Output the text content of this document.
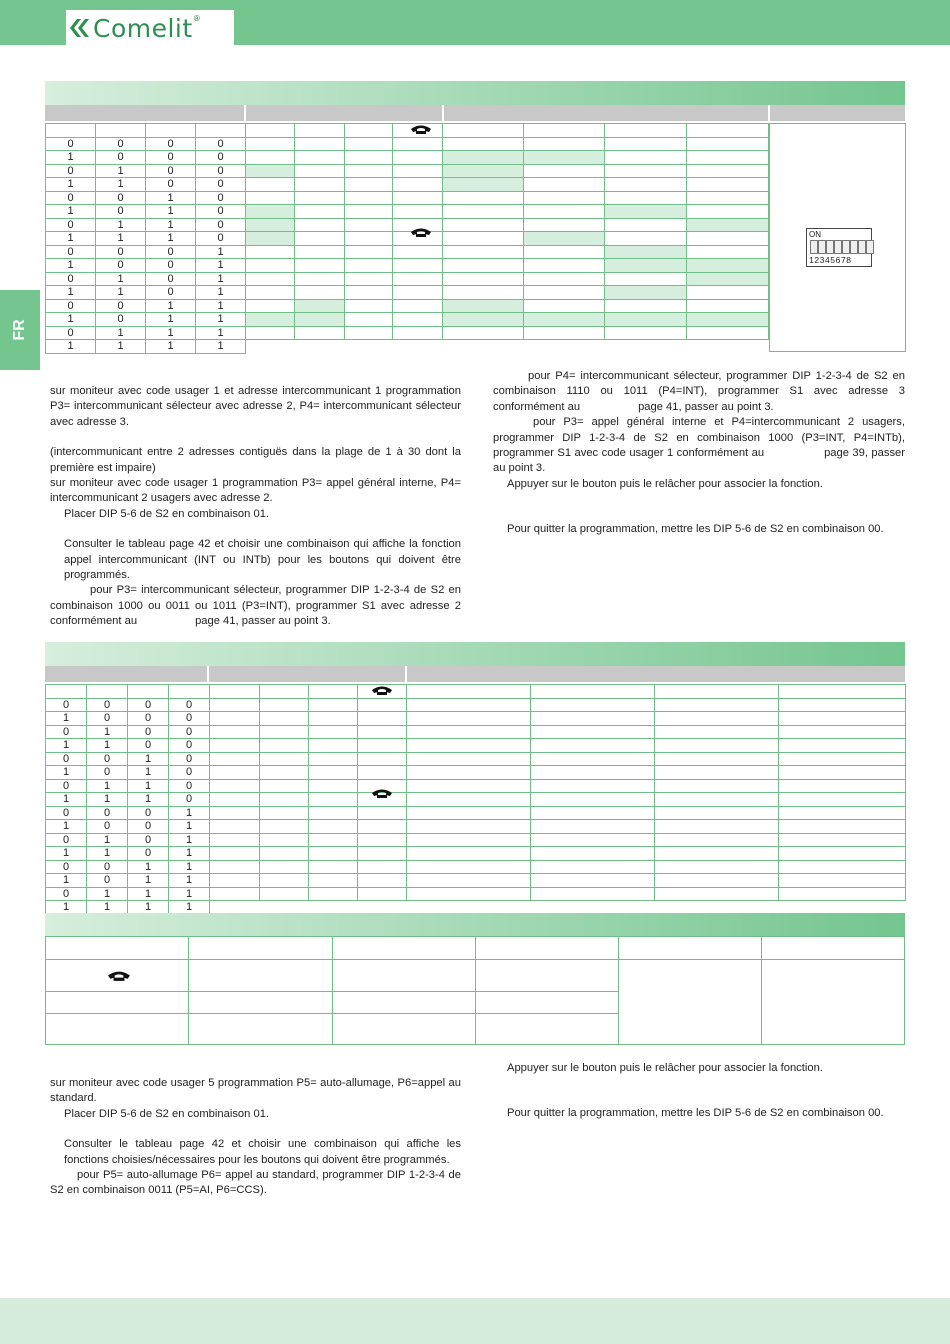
Comelit®
FR

0	0	0	0								
1	0	0	0								
0	1	0	0								
1	1	0	0								
0	0	1	0								
1	0	1	0								
0	1	1	0								
1	1	1	0								
0	0	0	1								
1	0	0	1								
0	1	0	1								
1	1	0	1								
0	0	1	1								
1	0	1	1								
0	1	1	1								
1	1	1	1								
ON
12345678

sur moniteur avec code usager 1 et adresse intercommunicant 1 programmation P3= intercommunicant sélecteur avec adresse 2, P4= intercommunicant sélecteur avec adresse 3.

(intercommunicant entre 2 adresses contiguës dans la plage de 1 à 30 dont la première est impaire)

sur moniteur avec code usager 1 programmation P3= appel général interne, P4= intercommunicant 2 usagers avec adresse 2.

Placer DIP 5-6 de S2 en combinaison 01.

Consulter le tableau page 42 et choisir une combinaison qui affiche la fonction appel intercommunicant (INT ou INTb) pour les boutons qui doivent être programmés.

pour P3= intercommunicant sélecteur, programmer DIP 1-2-3-4 de S2 en combinaison 1000 ou 0011 ou 1011 (P3=INT), programmer S1 avec adresse 2 conformément au	page 41, passer au point 3.

pour P4= intercommunicant sélecteur, programmer DIP 1-2-3-4 de S2 en combinaison 1110 ou 1011 (P4=INT), programmer S1 avec adresse 3 conformément au	page 41, passer au point 3.

pour P3= appel général interne et P4=intercommunicant 2 usagers, programmer DIP 1-2-3-4 de S2 en combinaison 1000 (P3=INT, P4=INTb), programmer S1 avec code usager 1 conformément au	page 39, passer au point 3.

Appuyer sur le bouton puis le relâcher pour associer la fonction.

Pour quitter la programmation, mettre les DIP 5-6 de S2 en combinaison 00.

0	0	0	0								
1	0	0	0								
0	1	0	0								
1	1	0	0								
0	0	1	0								
1	0	1	0								
0	1	1	0								
1	1	1	0								
0	0	0	1								
1	0	0	1								
0	1	0	1								
1	1	0	1								
0	0	1	1								
1	0	1	1								
0	1	1	1								
1	1	1	1								

sur moniteur avec code usager 5 programmation P5= auto-allumage, P6=appel au standard.

Placer DIP 5-6 de S2 en combinaison 01.

Consulter le tableau page 42 et choisir une combinaison qui affiche les fonctions choisies/nécessaires pour les boutons qui doivent être programmés.

pour P5= auto-allumage P6= appel au standard, programmer DIP 1-2-3-4 de S2 en combinaison 0011 (P5=AI, P6=CCS).

Appuyer sur le bouton puis le relâcher pour associer la fonction.

Pour quitter la programmation, mettre les DIP 5-6 de S2 en combinaison 00.
